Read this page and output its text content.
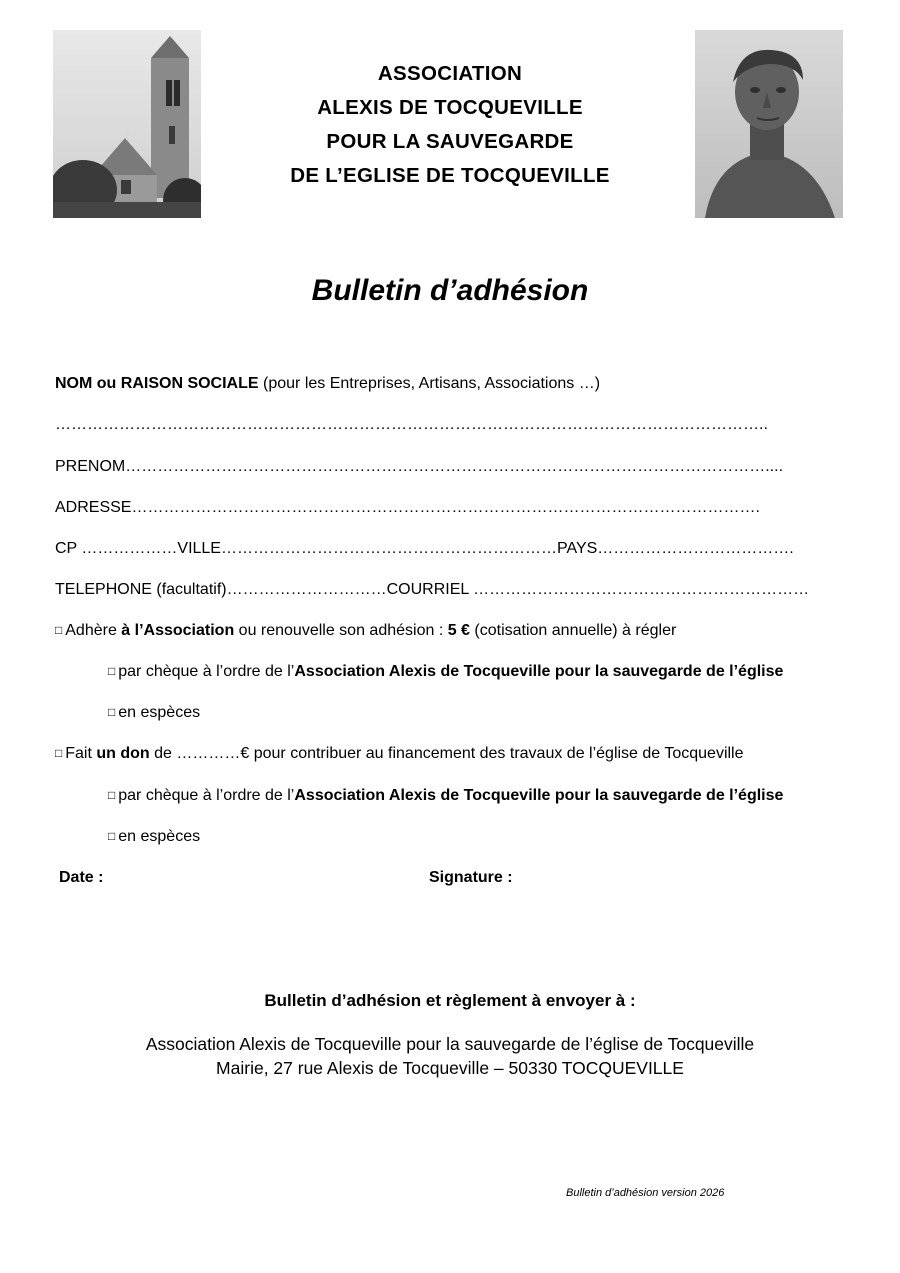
ASSOCIATION
ALEXIS DE TOCQUEVILLE
POUR LA SAUVEGARDE
DE L’EGLISE DE TOCQUEVILLE
Bulletin d’adhésion
NOM ou RAISON SOCIALE (pour les Entreprises, Artisans, Associations …)
……………………………………………………………………………………………………………………..
PRENOM…………………………………………………………………………………………………………....
ADRESSE……………………………………………………………………………………………………….
CP ………………VILLE………………………………………………………PAYS……………………………….
TELEPHONE (facultatif)…………………………COURRIEL ………………………………………………………
□ Adhère à l’Association ou renouvelle son adhésion : 5 € (cotisation annuelle) à régler
□ par chèque à l’ordre de l’Association Alexis de Tocqueville pour la sauvegarde de l’église
□ en espèces
□ Fait un don de …………€ pour contribuer au financement des travaux de l’église de Tocqueville
□ par chèque à l’ordre de l’Association Alexis de Tocqueville pour la sauvegarde de l’église
□ en espèces
Date :	Signature :
Bulletin d’adhésion et règlement à envoyer à :
Association Alexis de Tocqueville pour la sauvegarde de l’église de Tocqueville
Mairie, 27 rue Alexis de Tocqueville – 50330 TOCQUEVILLE
Bulletin d’adhésion version 2026
